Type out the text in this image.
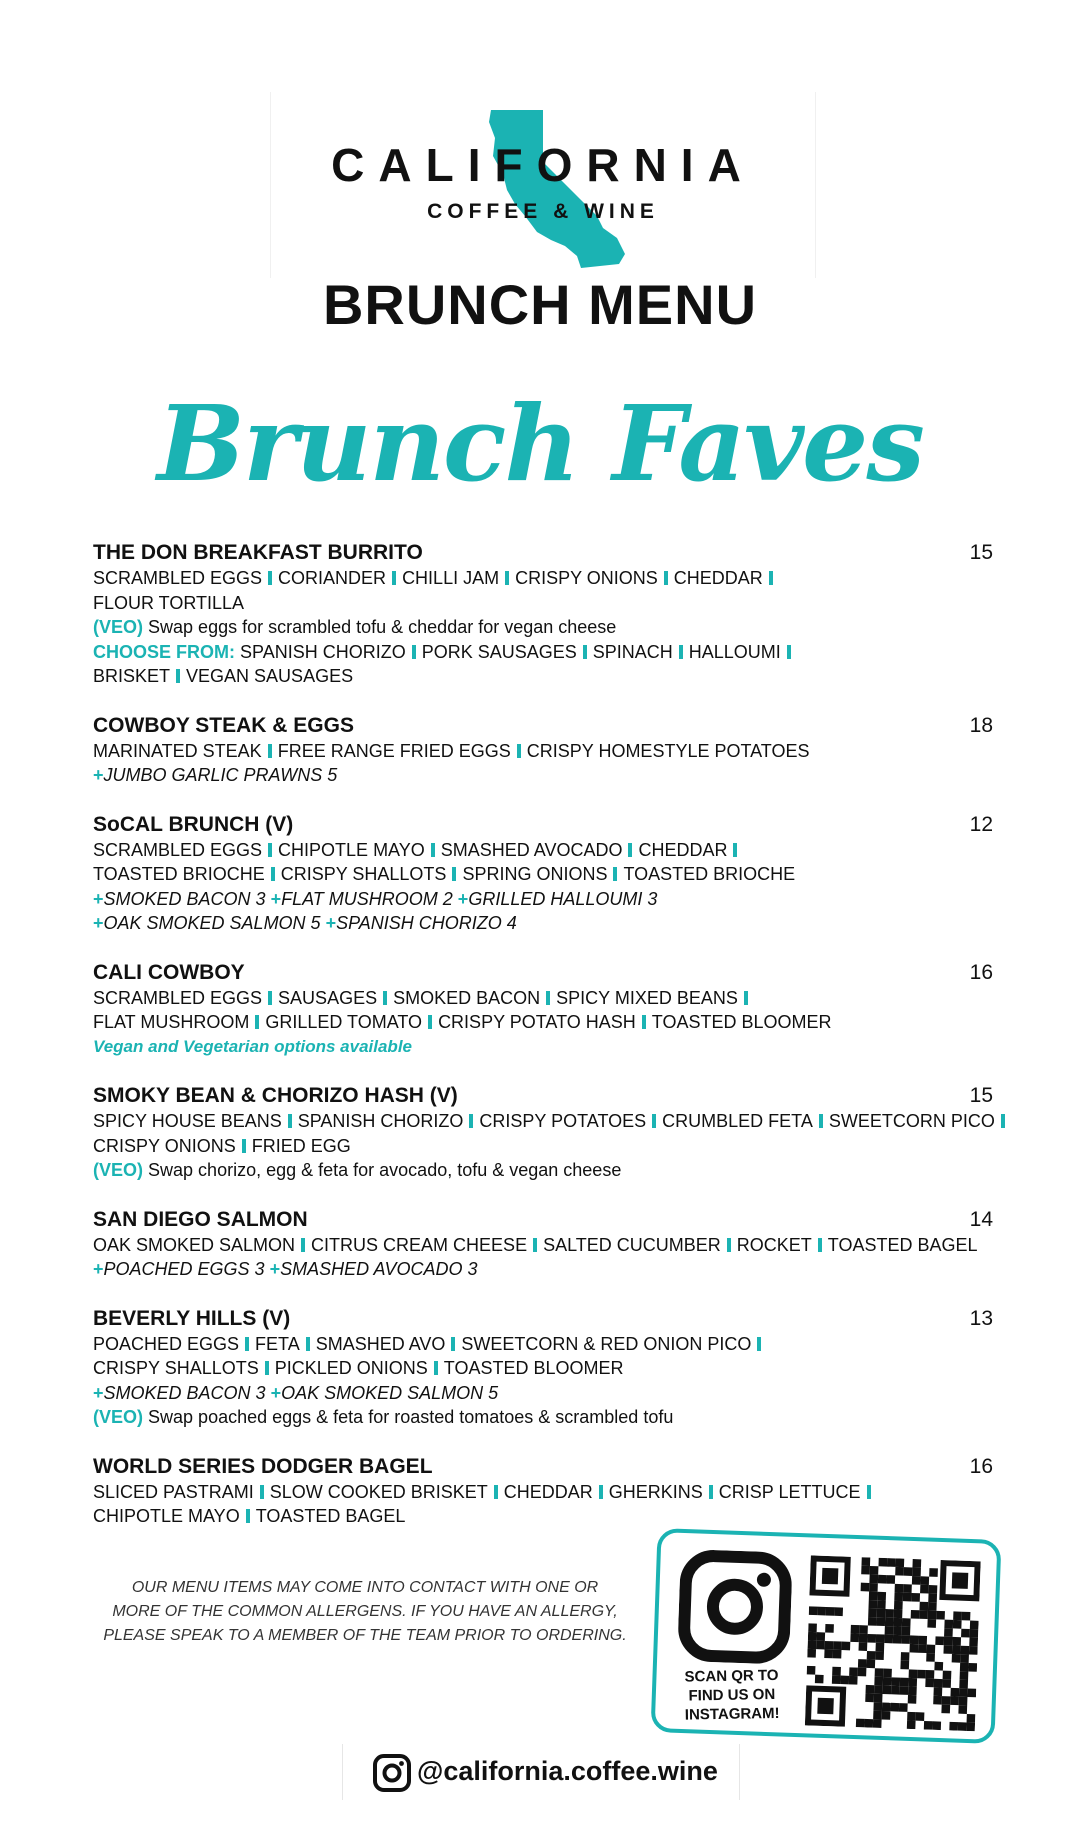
CALIFORNIA
COFFEE & WINE
BRUNCH MENU
Brunch Faves
THE DON BREAKFAST BURRITO	15
SCRAMBLED EGGS CORIANDER CHILLI JAM CRISPY ONIONS CHEDDAR
FLOUR TORTILLA
(VEO) Swap eggs for scrambled tofu & cheddar for vegan cheese
CHOOSE FROM: SPANISH CHORIZO PORK SAUSAGES SPINACH HALLOUMI
BRISKET VEGAN SAUSAGES
COWBOY STEAK & EGGS	18
MARINATED STEAK FREE RANGE FRIED EGGS CRISPY HOMESTYLE POTATOES
+JUMBO GARLIC PRAWNS 5
SoCAL BRUNCH (V)	12
SCRAMBLED EGGS CHIPOTLE MAYO SMASHED AVOCADO CHEDDAR
TOASTED BRIOCHE CRISPY SHALLOTS SPRING ONIONS TOASTED BRIOCHE
+SMOKED BACON 3 +FLAT MUSHROOM 2 +GRILLED HALLOUMI 3
+OAK SMOKED SALMON 5 +SPANISH CHORIZO 4
CALI COWBOY	16
SCRAMBLED EGGS SAUSAGES SMOKED BACON SPICY MIXED BEANS
FLAT MUSHROOM GRILLED TOMATO CRISPY POTATO HASH TOASTED BLOOMER
Vegan and Vegetarian options available
SMOKY BEAN & CHORIZO HASH (V)	15
SPICY HOUSE BEANS SPANISH CHORIZO CRISPY POTATOES CRUMBLED FETA SWEETCORN PICO
CRISPY ONIONS FRIED EGG
(VEO) Swap chorizo, egg & feta for avocado, tofu & vegan cheese
SAN DIEGO SALMON	14
OAK SMOKED SALMON CITRUS CREAM CHEESE SALTED CUCUMBER ROCKET TOASTED BAGEL
+POACHED EGGS 3 +SMASHED AVOCADO 3
BEVERLY HILLS (V)	13
POACHED EGGS FETA SMASHED AVO SWEETCORN & RED ONION PICO
CRISPY SHALLOTS PICKLED ONIONS TOASTED BLOOMER
+SMOKED BACON 3 +OAK SMOKED SALMON 5
(VEO) Swap poached eggs & feta for roasted tomatoes & scrambled tofu
WORLD SERIES DODGER BAGEL	16
SLICED PASTRAMI SLOW COOKED BRISKET CHEDDAR GHERKINS CRISP LETTUCE
CHIPOTLE MAYO TOASTED BAGEL
OUR MENU ITEMS MAY COME INTO CONTACT WITH ONE OR
MORE OF THE COMMON ALLERGENS. IF YOU HAVE AN ALLERGY,
PLEASE SPEAK TO A MEMBER OF THE TEAM PRIOR TO ORDERING.
SCAN QR TO
FIND US ON
INSTAGRAM!
@california.coffee.wine
